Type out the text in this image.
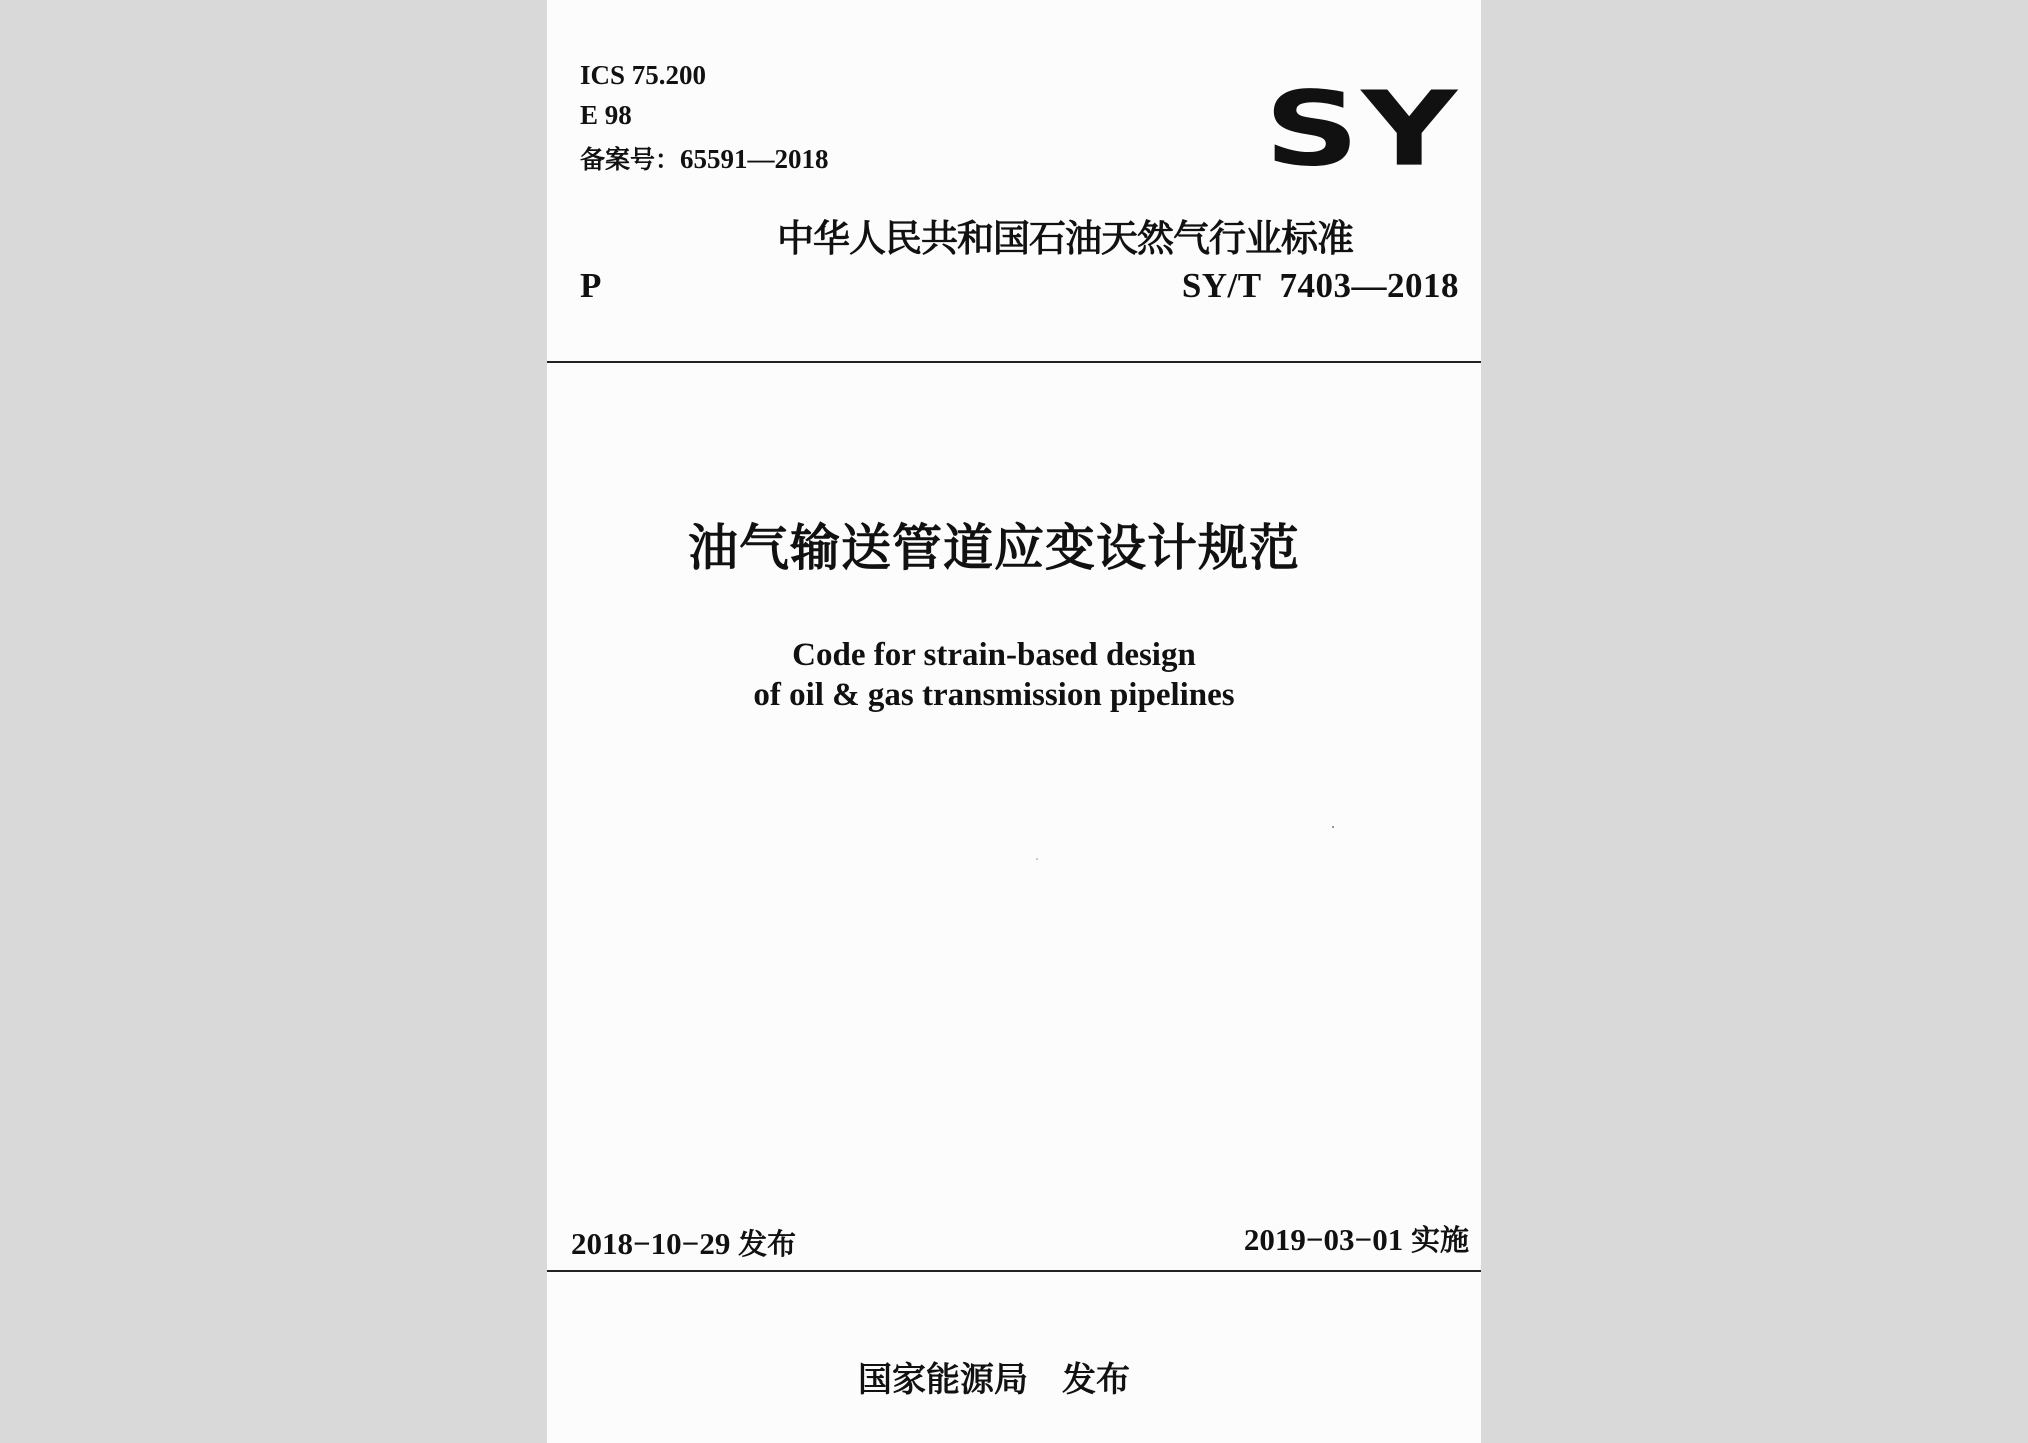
ICS 75.200
E 98
备案号：65591—2018	SY
中华人民共和国石油天然气行业标准
P	SY/T  7403—2018
油气输送管道应变设计规范
Code for strain-based design
of oil & gas transmission pipelines
2018−10−29 发布	2019−03−01 实施
国家能源局 发布
